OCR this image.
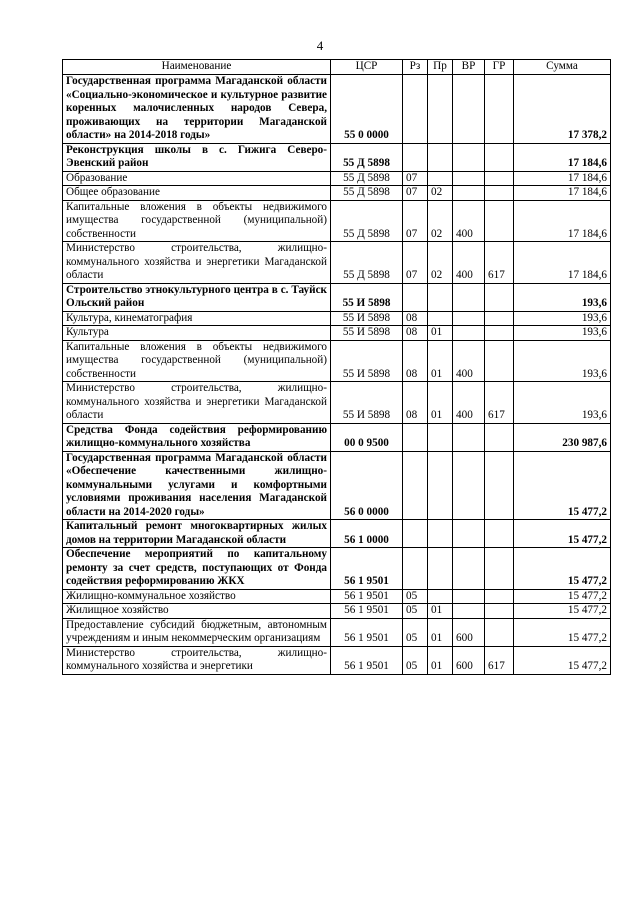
4
Наименование	ЦСР	Рз	Пр	ВР	ГР	Сумма
Государственная программа Магаданской области «Социально-экономическое и культурное развитие коренных малочисленных народов Севера, проживающих на территории Магаданской области» на 2014-2018 годы»	55 0 0000					17 378,2
Реконструкция школы в с. Гижига Северо-Эвенский район	55 Д 5898					17 184,6
Образование	55 Д 5898	07				17 184,6
Общее образование	55 Д 5898	07	02			17 184,6
Капитальные вложения в объекты недвижимого имущества государственной (муниципальной) собственности	55 Д 5898	07	02	400		17 184,6
Министерство строительства, жилищно-коммунального хозяйства и энергетики Магаданской области	55 Д 5898	07	02	400	617	17 184,6
Строительство этнокультурного центра в с. Тауйск Ольский район	55 И 5898					193,6
Культура, кинематография	55 И 5898	08				193,6
Культура	55 И 5898	08	01			193,6
Капитальные вложения в объекты недвижимого имущества государственной (муниципальной) собственности	55 И 5898	08	01	400		193,6
Министерство строительства, жилищно-коммунального хозяйства и энергетики Магаданской области	55 И 5898	08	01	400	617	193,6
Средства Фонда содействия реформированию жилищно-коммунального хозяйства	00 0 9500					230 987,6
Государственная программа Магаданской области «Обеспечение качественными жилищно-коммунальными услугами и комфортными условиями проживания населения Магаданской области на 2014-2020 годы»	56 0 0000					15 477,2
Капитальный ремонт многоквартирных жилых домов на территории Магаданской области	56 1 0000					15 477,2
Обеспечение мероприятий по капитальному ремонту за счет средств, поступающих от Фонда содействия реформированию ЖКХ	56 1 9501					15 477,2
Жилищно-коммунальное хозяйство	56 1 9501	05				15 477,2
Жилищное хозяйство	56 1 9501	05	01			15 477,2
Предоставление субсидий бюджетным, автономным учреждениям и иным некоммерческим организациям	56 1 9501	05	01	600		15 477,2
Министерство строительства, жилищно-коммунального хозяйства и энергетики	56 1 9501	05	01	600	617	15 477,2
